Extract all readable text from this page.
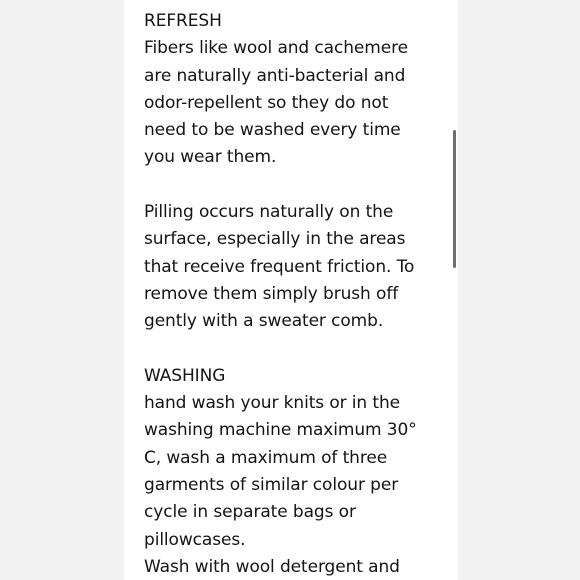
REFRESH
Fibers like wool and cachemere
are naturally anti-bacterial and
odor-repellent so they do not
need to be washed every time
you wear them.
Pilling occurs naturally on the
surface, especially in the areas
that receive frequent friction. To
remove them simply brush off
gently with a sweater comb.
WASHING
hand wash your knits or in the
washing machine maximum 30°
C, wash a maximum of three
garments of similar colour per
cycle in separate bags or
pillowcases.
Wash with wool detergent and
